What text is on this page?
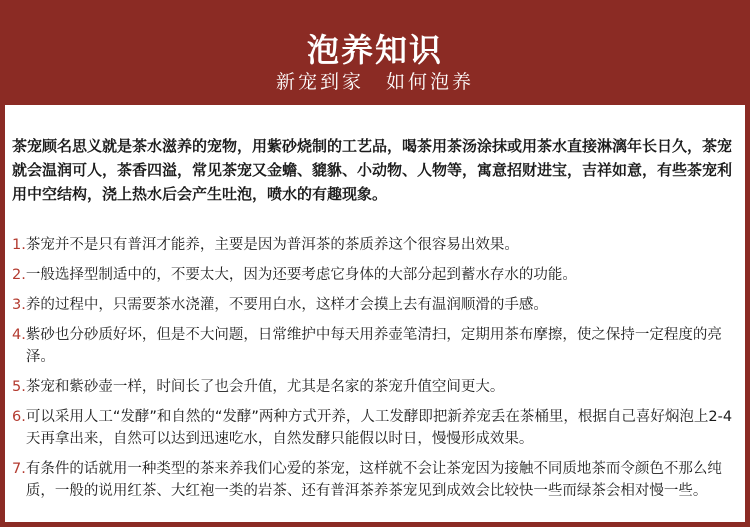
泡养知识
新宠到家　如何泡养
茶宠顾名思义就是茶水滋养的宠物，用紫砂烧制的工艺品，喝茶用茶汤涂抹或用茶水直接淋漓年长日久，茶宠就会温润可人，茶香四溢，常见茶宠又金蟾、貔貅、小动物、人物等，寓意招财进宝，吉祥如意，有些茶宠利用中空结构，浇上热水后会产生吐泡，喷水的有趣现象。
1. 茶宠并不是只有普洱才能养，主要是因为普洱茶的茶质养这个很容易出效果。
2. 一般选择型制适中的，不要太大，因为还要考虑它身体的大部分起到蓄水存水的功能。
3. 养的过程中，只需要茶水浇灌，不要用白水，这样才会摸上去有温润顺滑的手感。
4. 紫砂也分砂质好坏，但是不大问题，日常维护中每天用养壶笔清扫，定期用茶布摩擦，使之保持一定程度的亮泽。
5. 茶宠和紫砂壶一样，时间长了也会升值，尤其是名家的茶宠升值空间更大。
6. 可以采用人工“发酵”和自然的“发酵”两种方式开养，人工发酵即把新养宠丢在茶桶里，根据自己喜好焖泡上2-4天再拿出来，自然可以达到迅速吃水，自然发酵只能假以时日，慢慢形成效果。
7. 有条件的话就用一种类型的茶来养我们心爱的茶宠，这样就不会让茶宠因为接触不同质地茶而令颜色不那么纯质，一般的说用红茶、大红袍一类的岩茶、还有普洱茶养茶宠见到成效会比较快一些而绿茶会相对慢一些。
